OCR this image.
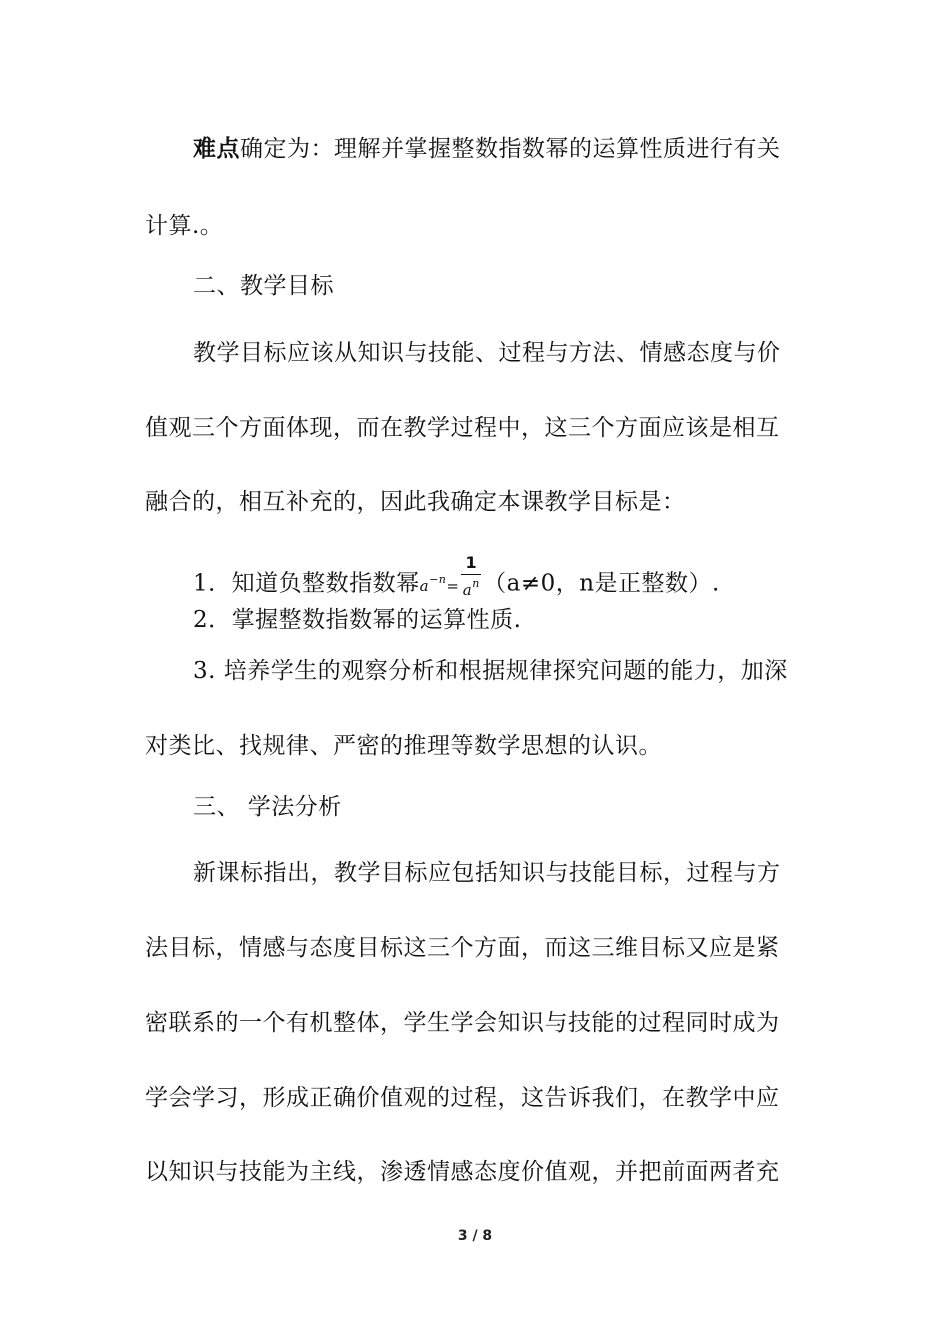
难点确定为：理解并掌握整数指数幂的运算性质进行有关
计算.。
二、教学目标
教学目标应该从知识与技能、过程与方法、情感态度与价
值观三个方面体现，而在教学过程中，这三个方面应该是相互
融合的，相互补充的，因此我确定本课教学目标是：
1．知道负整数指数幂$a^{-n}= \frac{1}{a^n} (a\ne 0$，n是正整数）.
2．掌握整数指数幂的运算性质.
3. 培养学生的观察分析和根据规律探究问题的能力，加深
对类比、找规律、严密的推理等数学思想的认识。
三、 学法分析
新课标指出，教学目标应包括知识与技能目标，过程与方
法目标，情感与态度目标这三个方面，而这三维目标又应是紧
密联系的一个有机整体，学生学会知识与技能的过程同时成为
学会学习，形成正确价值观的过程，这告诉我们，在教学中应
以知识与技能为主线，渗透情感态度价值观，并把前面两者充
3 / 8
